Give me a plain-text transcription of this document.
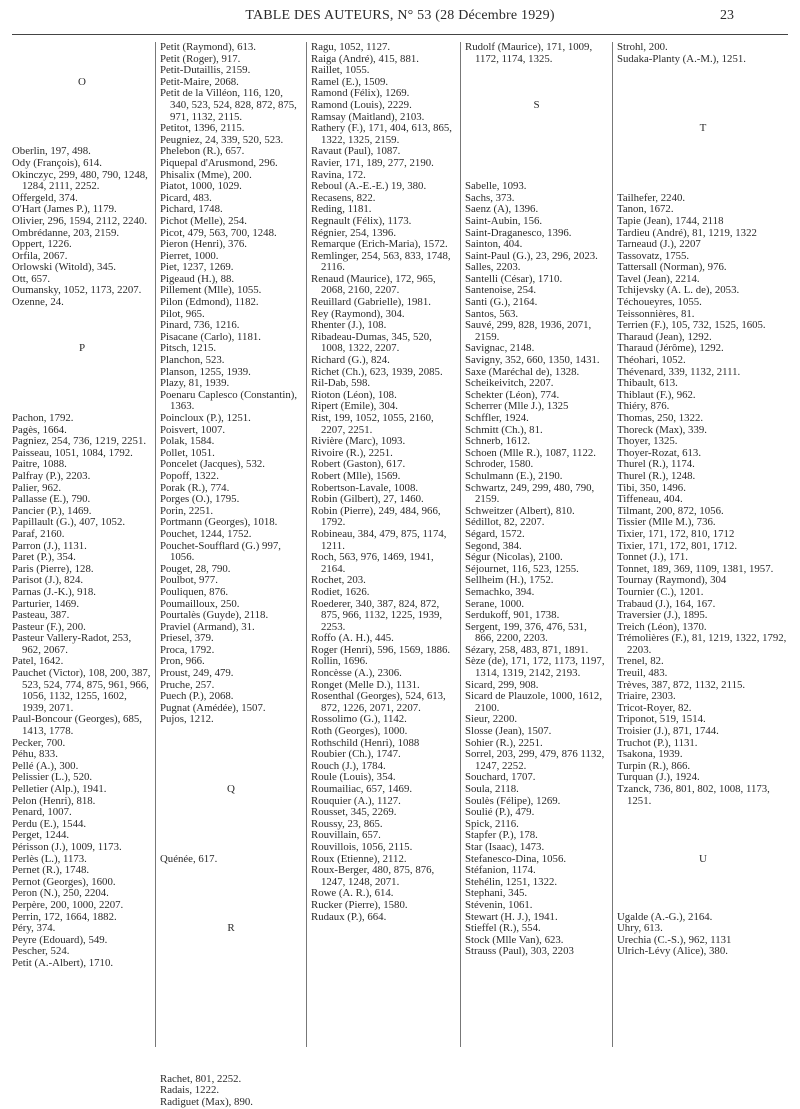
TABLE DES AUTEURS, N° 53 (28 Décembre 1929)	23
O
Oberlin, 197, 498.
Ody (François), 614.
Okinczyc, 299, 480, 790, 1248, 1284, 2111, 2252.
Offergeld, 374.
O'Hart (James P.), 1179.
Olivier, 296, 1594, 2112, 2240.
Ombrédanne, 203, 2159.
Oppert, 1226.
Orfila, 2067.
Orlowski (Witold), 345.
Ott, 657.
Oumansky, 1052, 1173, 2207.
Ozenne, 24.
P
Pachon, 1792.
Pagès, 1664.
Pagniez, 254, 736, 1219, 2251.
Paisseau, 1051, 1084, 1792.
Paitre, 1088.
Palfray (P.), 2203.
Palier, 962.
Pallasse (E.), 790.
Pancier (P.), 1469.
Papillault (G.), 407, 1052.
Paraf, 2160.
Parron (J.), 1131.
Paret (P.), 354.
Paris (Pierre), 128.
Parisot (J.), 824.
Parnas (J.-K.), 918.
Parturier, 1469.
Pasteau, 387.
Pasteur (F.), 200.
Pasteur Vallery-Radot, 253, 962, 2067.
Patel, 1642.
Pauchet (Victor), 108, 200, 387, 523, 524, 774, 875, 961, 966, 1056, 1132, 1255, 1602, 1939, 2071.
Paul-Boncour (Georges), 685, 1413, 1778.
Pecker, 700.
Péhu, 833.
Pellé (A.), 300.
Pelissier (L.), 520.
Pelletier (Alp.), 1941.
Pelon (Henri), 818.
Penard, 1007.
Perdu (E.), 1544.
Perget, 1244.
Périsson (J.), 1009, 1173.
Perlès (L.), 1173.
Pernet (R.), 1748.
Pernot (Georges), 1600.
Peron (N.), 250, 2204.
Perpère, 200, 1000, 2207.
Perrin, 172, 1664, 1882.
Péry, 374.
Peyre (Edouard), 549.
Pescher, 524.
Petit (A.-Albert), 1710.
Petit (Raymond), 613.
Petit (Roger), 917.
Petit-Dutaillis, 2159.
Petit-Maire, 2068.
Petit de la Villéon, 116, 120, 340, 523, 524, 828, 872, 875, 971, 1132, 2115.
Petitot, 1396, 2115.
Peugniez, 24, 339, 520, 523.
Phelebon (R.), 657.
Piquepal d'Arusmond, 296.
Phisalix (Mme), 200.
Piatot, 1000, 1029.
Picard, 483.
Pichard, 1748.
Pichot (Melle), 254.
Picot, 479, 563, 700, 1248.
Pieron (Henri), 376.
Pierret, 1000.
Piet, 1237, 1269.
Pigeaud (H.), 88.
Pillement (Mlle), 1055.
Pilon (Edmond), 1182.
Pilot, 965.
Pinard, 736, 1216.
Pisacane (Carlo), 1181.
Pitsch, 1215.
Planchon, 523.
Planson, 1255, 1939.
Plazy, 81, 1939.
Poenaru Caplesco (Constantin), 1363.
Poincloux (P.), 1251.
Poisvert, 1007.
Polak, 1584.
Pollet, 1051.
Poncelet (Jacques), 532.
Popoff, 1322.
Porak (R.), 774.
Porges (O.), 1795.
Porin, 2251.
Portmann (Georges), 1018.
Pouchet, 1244, 1752.
Pouchet-Soufflard (G.) 997, 1056.
Pouget, 28, 790.
Poulbot, 977.
Pouliquen, 876.
Poumailloux, 250.
Pourtalès (Guyde), 2118.
Praviel (Armand), 31.
Priesel, 379.
Proca, 1792.
Pron, 966.
Proust, 249, 479.
Pruche, 257.
Puech (P.), 2068.
Pugnat (Amédée), 1507.
Pujos, 1212.
Q
Quénée, 617.
R
Rachet, 801, 2252.
Radais, 1222.
Radiguet (Max), 890.
Ragu, 1052, 1127.
Raiga (André), 415, 881.
Raillet, 1055.
Ramel (E.), 1509.
Ramond (Félix), 1269.
Ramond (Louis), 2229.
Ramsay (Maitland), 2103.
Rathery (F.), 171, 404, 613, 865, 1322, 1325, 2159.
Ravaut (Paul), 1087.
Ravier, 171, 189, 277, 2190.
Ravina, 172.
Reboul (A.-E.-E.) 19, 380.
Recasens, 822.
Reding, 1181.
Regnault (Félix), 1173.
Régnier, 254, 1396.
Remarque (Erich-Maria), 1572.
Remlinger, 254, 563, 833, 1748, 2116.
Renaud (Maurice), 172, 965, 2068, 2160, 2207.
Reuillard (Gabrielle), 1981.
Rey (Raymond), 304.
Rhenter (J.), 108.
Ribadeau-Dumas, 345, 520, 1008, 1322, 2207.
Richard (G.), 824.
Richet (Ch.), 623, 1939, 2085.
Ril-Dab, 598.
Rioton (Léon), 108.
Ripert (Emile), 304.
Rist, 199, 1052, 1055, 2160, 2207, 2251.
Rivière (Marc), 1093.
Rivoire (R.), 2251.
Robert (Gaston), 617.
Robert (Mlle), 1569.
Robertson-Lavale, 1008.
Robin (Gilbert), 27, 1460.
Robin (Pierre), 249, 484, 966, 1792.
Robineau, 384, 479, 875, 1174, 1211.
Roch, 563, 976, 1469, 1941, 2164.
Rochet, 203.
Rodiet, 1626.
Roederer, 340, 387, 824, 872, 875, 966, 1132, 1225, 1939, 2253.
Roffo (A. H.), 445.
Roger (Henri), 596, 1569, 1886.
Rollin, 1696.
Roncèsse (A.), 2306.
Ronget (Melle D.), 1131.
Rosenthal (Georges), 524, 613, 872, 1226, 2071, 2207.
Rossolimo (G.), 1142.
Roth (Georges), 1000.
Rothschild (Henri), 1088
Roubier (Ch.), 1747.
Rouch (J.), 1784.
Roule (Louis), 354.
Roumailiac, 657, 1469.
Rouquier (A.), 1127.
Rousset, 345, 2269.
Roussy, 23, 865.
Rouvillain, 657.
Rouvillois, 1056, 2115.
Roux (Etienne), 2112.
Roux-Berger, 480, 875, 876, 1247, 1248, 2071.
Rowe (A. R.), 614.
Rucker (Pierre), 1580.
Rudaux (P.), 664.
Rudolf (Maurice), 171, 1009, 1172, 1174, 1325.
S
Sabelle, 1093.
Sachs, 373.
Saenz (A), 1396.
Saint-Aubin, 156.
Saint-Draganesco, 1396.
Sainton, 404.
Saint-Paul (G.), 23, 296, 2023.
Salles, 2203.
Santelli (César), 1710.
Santenoise, 254.
Santi (G.), 2164.
Santos, 563.
Sauvé, 299, 828, 1936, 2071, 2159.
Savignac, 2148.
Savigny, 352, 660, 1350, 1431.
Saxe (Maréchal de), 1328.
Scheikeivitch, 2207.
Schekter (Léon), 774.
Scherrer (Mlle J.), 1325
Schffler, 1924.
Schmitt (Ch.), 81.
Schnerb, 1612.
Schoen (Mlle R.), 1087, 1122.
Schroder, 1580.
Schulmann (E.), 2190.
Schwartz, 249, 299, 480, 790, 2159.
Schweitzer (Albert), 810.
Sédillot, 82, 2207.
Ségard, 1572.
Segond, 384.
Ségur (Nicolas), 2100.
Séjournet, 116, 523, 1255.
Sellheim (H.), 1752.
Semachko, 394.
Serane, 1000.
Serdukoff, 901, 1738.
Sergent, 199, 376, 476, 531, 866, 2200, 2203.
Sézary, 258, 483, 871, 1891.
Sèze (de), 171, 172, 1173, 1197, 1314, 1319, 2142, 2193.
Sicard, 299, 908.
Sicard de Plauzole, 1000, 1612, 2100.
Sieur, 2200.
Slosse (Jean), 1507.
Sohier (R.), 2251.
Sorrel, 203, 299, 479, 876 1132, 1247, 2252.
Souchard, 1707.
Soula, 2118.
Soulès (Félipe), 1269.
Soulié (P.), 479.
Spick, 2116.
Stapfer (P.), 178.
Star (Isaac), 1473.
Stefanesco-Dina, 1056.
Stéfanion, 1174.
Stehélin, 1251, 1322.
Stephani, 345.
Stévenin, 1061.
Stewart (H. J.), 1941.
Stieffel (R.), 554.
Stock (Mlle Van), 623.
Strauss (Paul), 303, 2203
Strohl, 200.
Sudaka-Planty (A.-M.), 1251.
T
Tailhefer, 2240.
Tanon, 1672.
Tapie (Jean), 1744, 2118
Tardieu (André), 81, 1219, 1322
Tarneaud (J.), 2207
Tassovatz, 1755.
Tattersall (Norman), 976.
Tavel (Jean), 2214.
Tchijevsky (A. L. de), 2053.
Téchoueyres, 1055.
Teissonnières, 81.
Terrien (F.), 105, 732, 1525, 1605.
Tharaud (Jean), 1292.
Tharaud (Jérôme), 1292.
Théohari, 1052.
Thévenard, 339, 1132, 2111.
Thibault, 613.
Thiblaut (F.), 962.
Thiéry, 876.
Thomas, 250, 1322.
Thoreck (Max), 339.
Thoyer, 1325.
Thoyer-Rozat, 613.
Thurel (R.), 1174.
Thurel (R.), 1248.
Tibi, 350, 1496.
Tiffeneau, 404.
Tilmant, 200, 872, 1056.
Tissier (Mlle M.), 736.
Tixier, 171, 172, 810, 1712
Tixier, 171, 172, 801, 1712.
Tonnet (J.), 171.
Tonnet, 189, 369, 1109, 1381, 1957.
Tournay (Raymond), 304
Tournier (C.), 1201.
Trabaud (J.), 164, 167.
Traversier (J.), 1895.
Treich (Léon), 1370.
Trémolières (F.), 81, 1219, 1322, 1792, 2203.
Trenel, 82.
Treuil, 483.
Trèves, 387, 872, 1132, 2115.
Triaire, 2303.
Tricot-Royer, 82.
Triponot, 519, 1514.
Troisier (J.), 871, 1744.
Truchot (P.), 1131.
Tsakona, 1939.
Turpin (R.), 866.
Turquan (J.), 1924.
Tzanck, 736, 801, 802, 1008, 1173, 1251.
U
Ugalde (A.-G.), 2164.
Uhry, 613.
Urechia (C.-S.), 962, 1131
Ulrich-Lévy (Alice), 380.
